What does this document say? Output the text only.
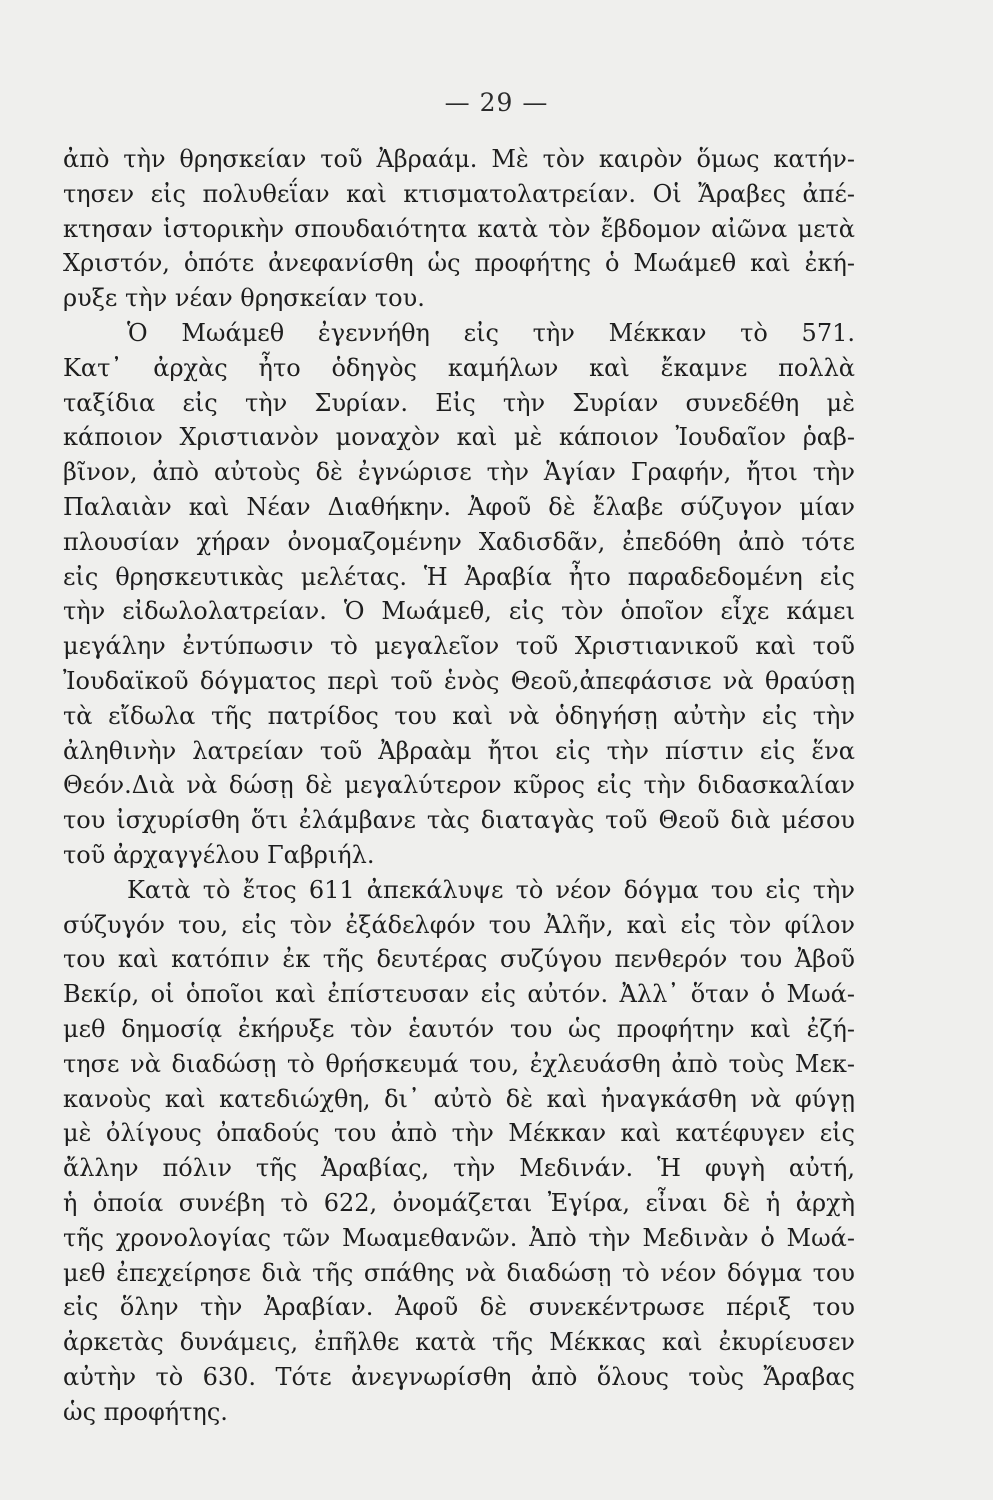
— 29 —
ἀπὸ τὴν θρησκείαν τοῦ Ἀβραάμ. Μὲ τὸν καιρὸν ὅμως κατήν-
τησεν εἰς πολυθεΐαν καὶ κτισματολατρείαν. Οἱ Ἄραβες ἀπέ-
κτησαν ἱστορικὴν σπουδαιότητα κατὰ τὸν ἔβδομον αἰῶνα μετὰ
Χριστόν, ὁπότε ἀνεφανίσθη ὡς προφήτης ὁ Μωάμεθ καὶ ἐκή-
ρυξε τὴν νέαν θρησκείαν του.
Ὁ Μωάμεθ ἐγεννήθη εἰς τὴν Μέκκαν τὸ 571.
Κατ᾽ ἀρχὰς ἦτο ὁδηγὸς καμήλων καὶ ἔκαμνε πολλὰ
ταξίδια εἰς τὴν Συρίαν. Εἰς τὴν Συρίαν συνεδέθη μὲ
κάποιον Χριστιανὸν μοναχὸν καὶ μὲ κάποιον Ἰουδαῖον ῥαβ-
βῖνον, ἀπὸ αὐτοὺς δὲ ἐγνώρισε τὴν Ἁγίαν Γραφήν, ἤτοι τὴν
Παλαιὰν καὶ Νέαν Διαθήκην. Ἀφοῦ δὲ ἔλαβε σύζυγον μίαν
πλουσίαν χήραν ὀνομαζομένην Χαδισδᾶν, ἐπεδόθη ἀπὸ τότε
εἰς θρησκευτικὰς μελέτας. Ἡ Ἀραβία ἦτο παραδεδομένη εἰς
τὴν εἰδωλολατρείαν. Ὁ Μωάμεθ, εἰς τὸν ὁποῖον εἶχε κάμει
μεγάλην ἐντύπωσιν τὸ μεγαλεῖον τοῦ Χριστιανικοῦ καὶ τοῦ
Ἰουδαϊκοῦ δόγματος περὶ τοῦ ἑνὸς Θεοῦ,ἀπεφάσισε νὰ θραύσῃ
τὰ εἴδωλα τῆς πατρίδος του καὶ νὰ ὁδηγήσῃ αὐτὴν εἰς τὴν
ἀληθινὴν λατρείαν τοῦ Ἀβραὰμ ἤτοι εἰς τὴν πίστιν εἰς ἕνα
Θεόν.Διὰ νὰ δώσῃ δὲ μεγαλύτερον κῦρος εἰς τὴν διδασκαλίαν
του ἰσχυρίσθη ὅτι ἐλάμβανε τὰς διαταγὰς τοῦ Θεοῦ διὰ μέσου
τοῦ ἀρχαγγέλου Γαβριήλ.
Κατὰ τὸ ἔτος 611 ἀπεκάλυψε τὸ νέον δόγμα του εἰς τὴν
σύζυγόν του, εἰς τὸν ἐξάδελφόν του Ἀλῆν, καὶ εἰς τὸν φίλον
του καὶ κατόπιν ἐκ τῆς δευτέρας συζύγου πενθερόν του Ἀβοῦ
Βεκίρ, οἱ ὁποῖοι καὶ ἐπίστευσαν εἰς αὐτόν. Ἀλλ᾽ ὅταν ὁ Μωά-
μεθ δημοσίᾳ ἐκήρυξε τὸν ἑαυτόν του ὡς προφήτην καὶ ἐζή-
τησε νὰ διαδώσῃ τὸ θρήσκευμά του, ἐχλευάσθη ἀπὸ τοὺς Μεκ-
κανοὺς καὶ κατεδιώχθη, δι᾽ αὐτὸ δὲ καὶ ἠναγκάσθη νὰ φύγῃ
μὲ ὀλίγους ὀπαδούς του ἀπὸ τὴν Μέκκαν καὶ κατέφυγεν εἰς
ἄλλην πόλιν τῆς Ἀραβίας, τὴν Μεδινάν. Ἡ φυγὴ αὐτή,
ἡ ὁποία συνέβη τὸ 622, ὀνομάζεται Ἐγίρα, εἶναι δὲ ἡ ἀρχὴ
τῆς χρονολογίας τῶν Μωαμεθανῶν. Ἀπὸ τὴν Μεδινὰν ὁ Μωά-
μεθ ἐπεχείρησε διὰ τῆς σπάθης νὰ διαδώσῃ τὸ νέον δόγμα του
εἰς ὅλην τὴν Ἀραβίαν. Ἀφοῦ δὲ συνεκέντρωσε πέριξ του
ἀρκετὰς δυνάμεις, ἐπῆλθε κατὰ τῆς Μέκκας καὶ ἐκυρίευσεν
αὐτὴν τὸ 630. Τότε ἀνεγνωρίσθη ἀπὸ ὅλους τοὺς Ἄραβας
ὡς προφήτης.
